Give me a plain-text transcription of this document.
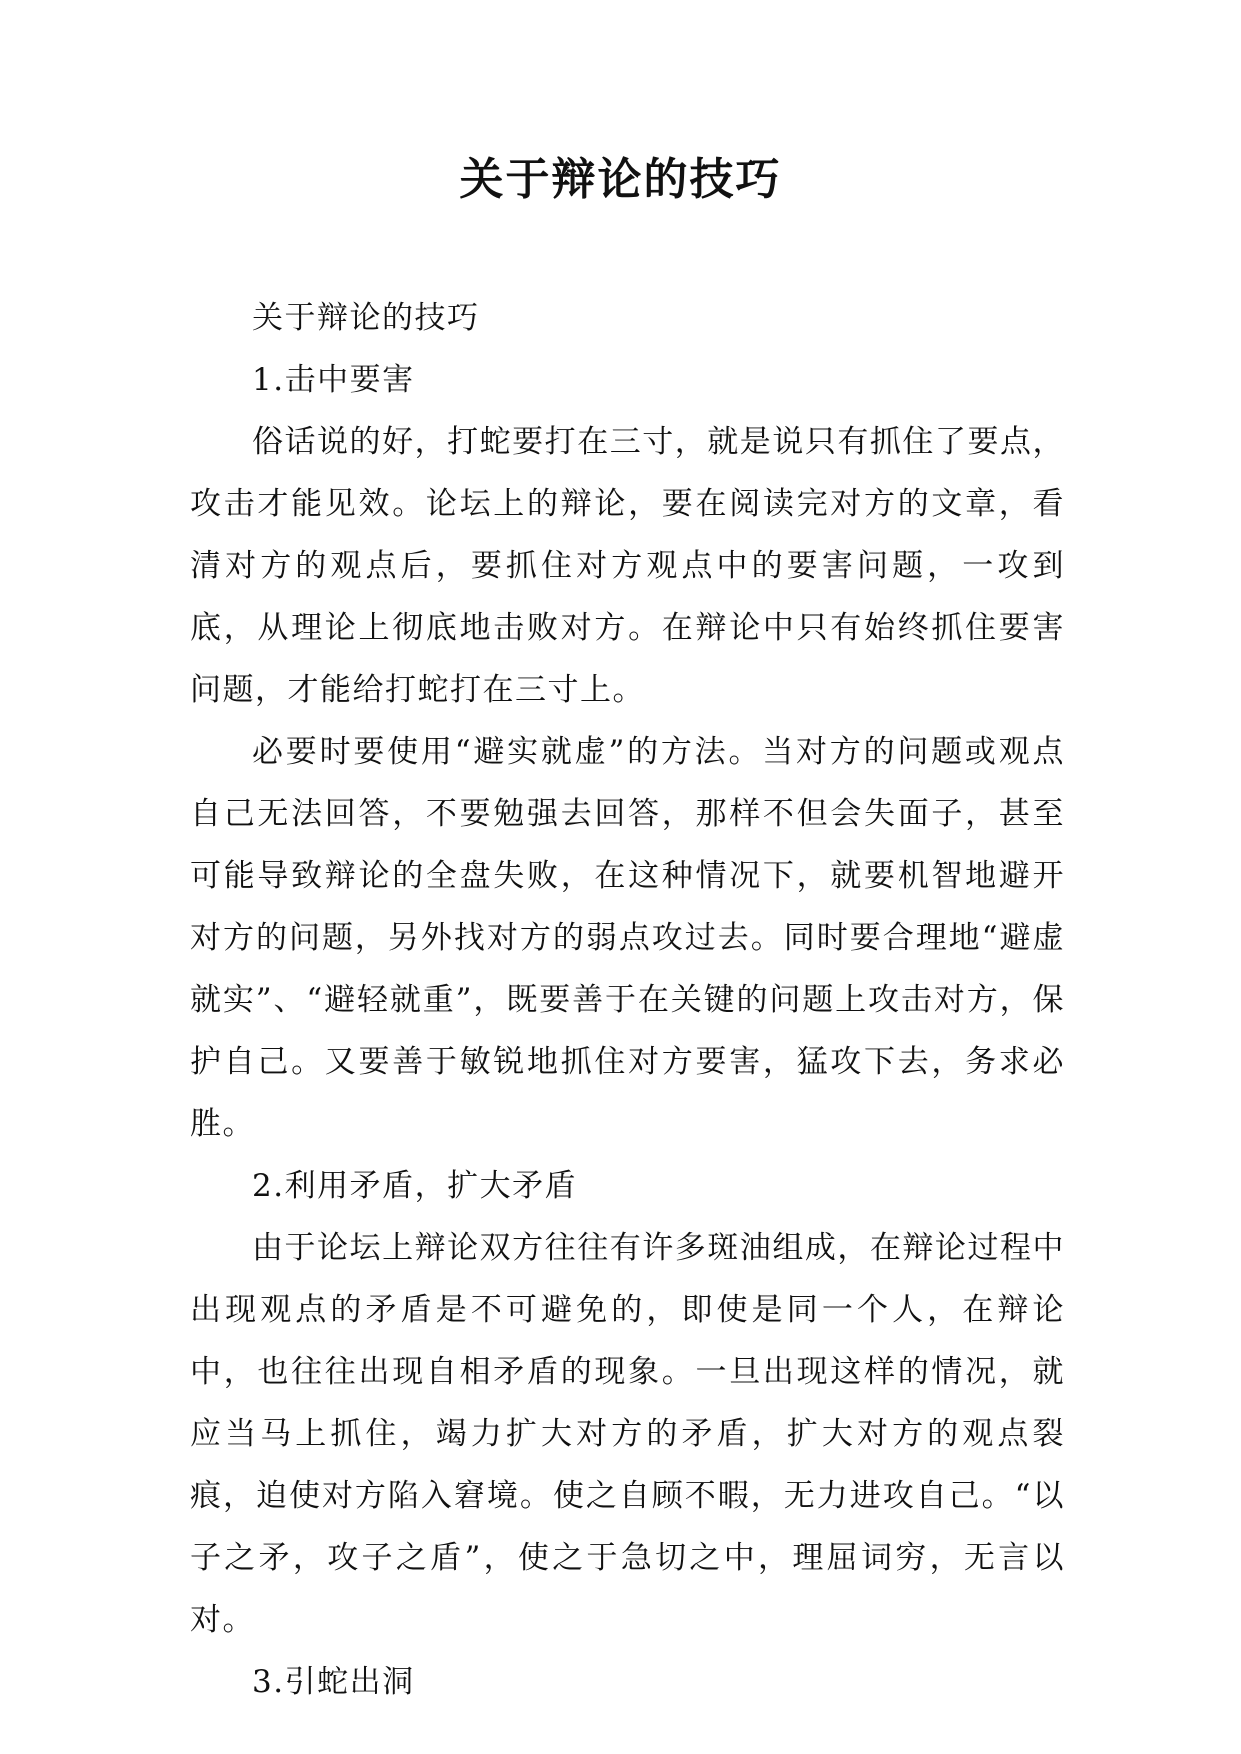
关于辩论的技巧

关于辩论的技巧

1.击中要害

俗话说的好，打蛇要打在三寸，就是说只有抓住了要点，攻击才能见效。论坛上的辩论，要在阅读完对方的文章，看清对方的观点后，要抓住对方观点中的要害问题，一攻到底，从理论上彻底地击败对方。在辩论中只有始终抓住要害问题，才能给打蛇打在三寸上。

必要时要使用“避实就虚”的方法。当对方的问题或观点自己无法回答，不要勉强去回答，那样不但会失面子，甚至可能导致辩论的全盘失败，在这种情况下，就要机智地避开对方的问题，另外找对方的弱点攻过去。同时要合理地“避虚就实”、“避轻就重”，既要善于在关键的问题上攻击对方，保护自己。又要善于敏锐地抓住对方要害，猛攻下去，务求必胜。

2.利用矛盾，扩大矛盾

由于论坛上辩论双方往往有许多斑油组成，在辩论过程中出现观点的矛盾是不可避免的，即使是同一个人，在辩论中，也往往出现自相矛盾的现象。一旦出现这样的情况，就应当马上抓住，竭力扩大对方的矛盾，扩大对方的观点裂痕，迫使对方陷入窘境。使之自顾不暇，无力进攻自己。“以子之矛，攻子之盾”，使之于急切之中，理屈词穷，无言以对。

3.引蛇出洞
